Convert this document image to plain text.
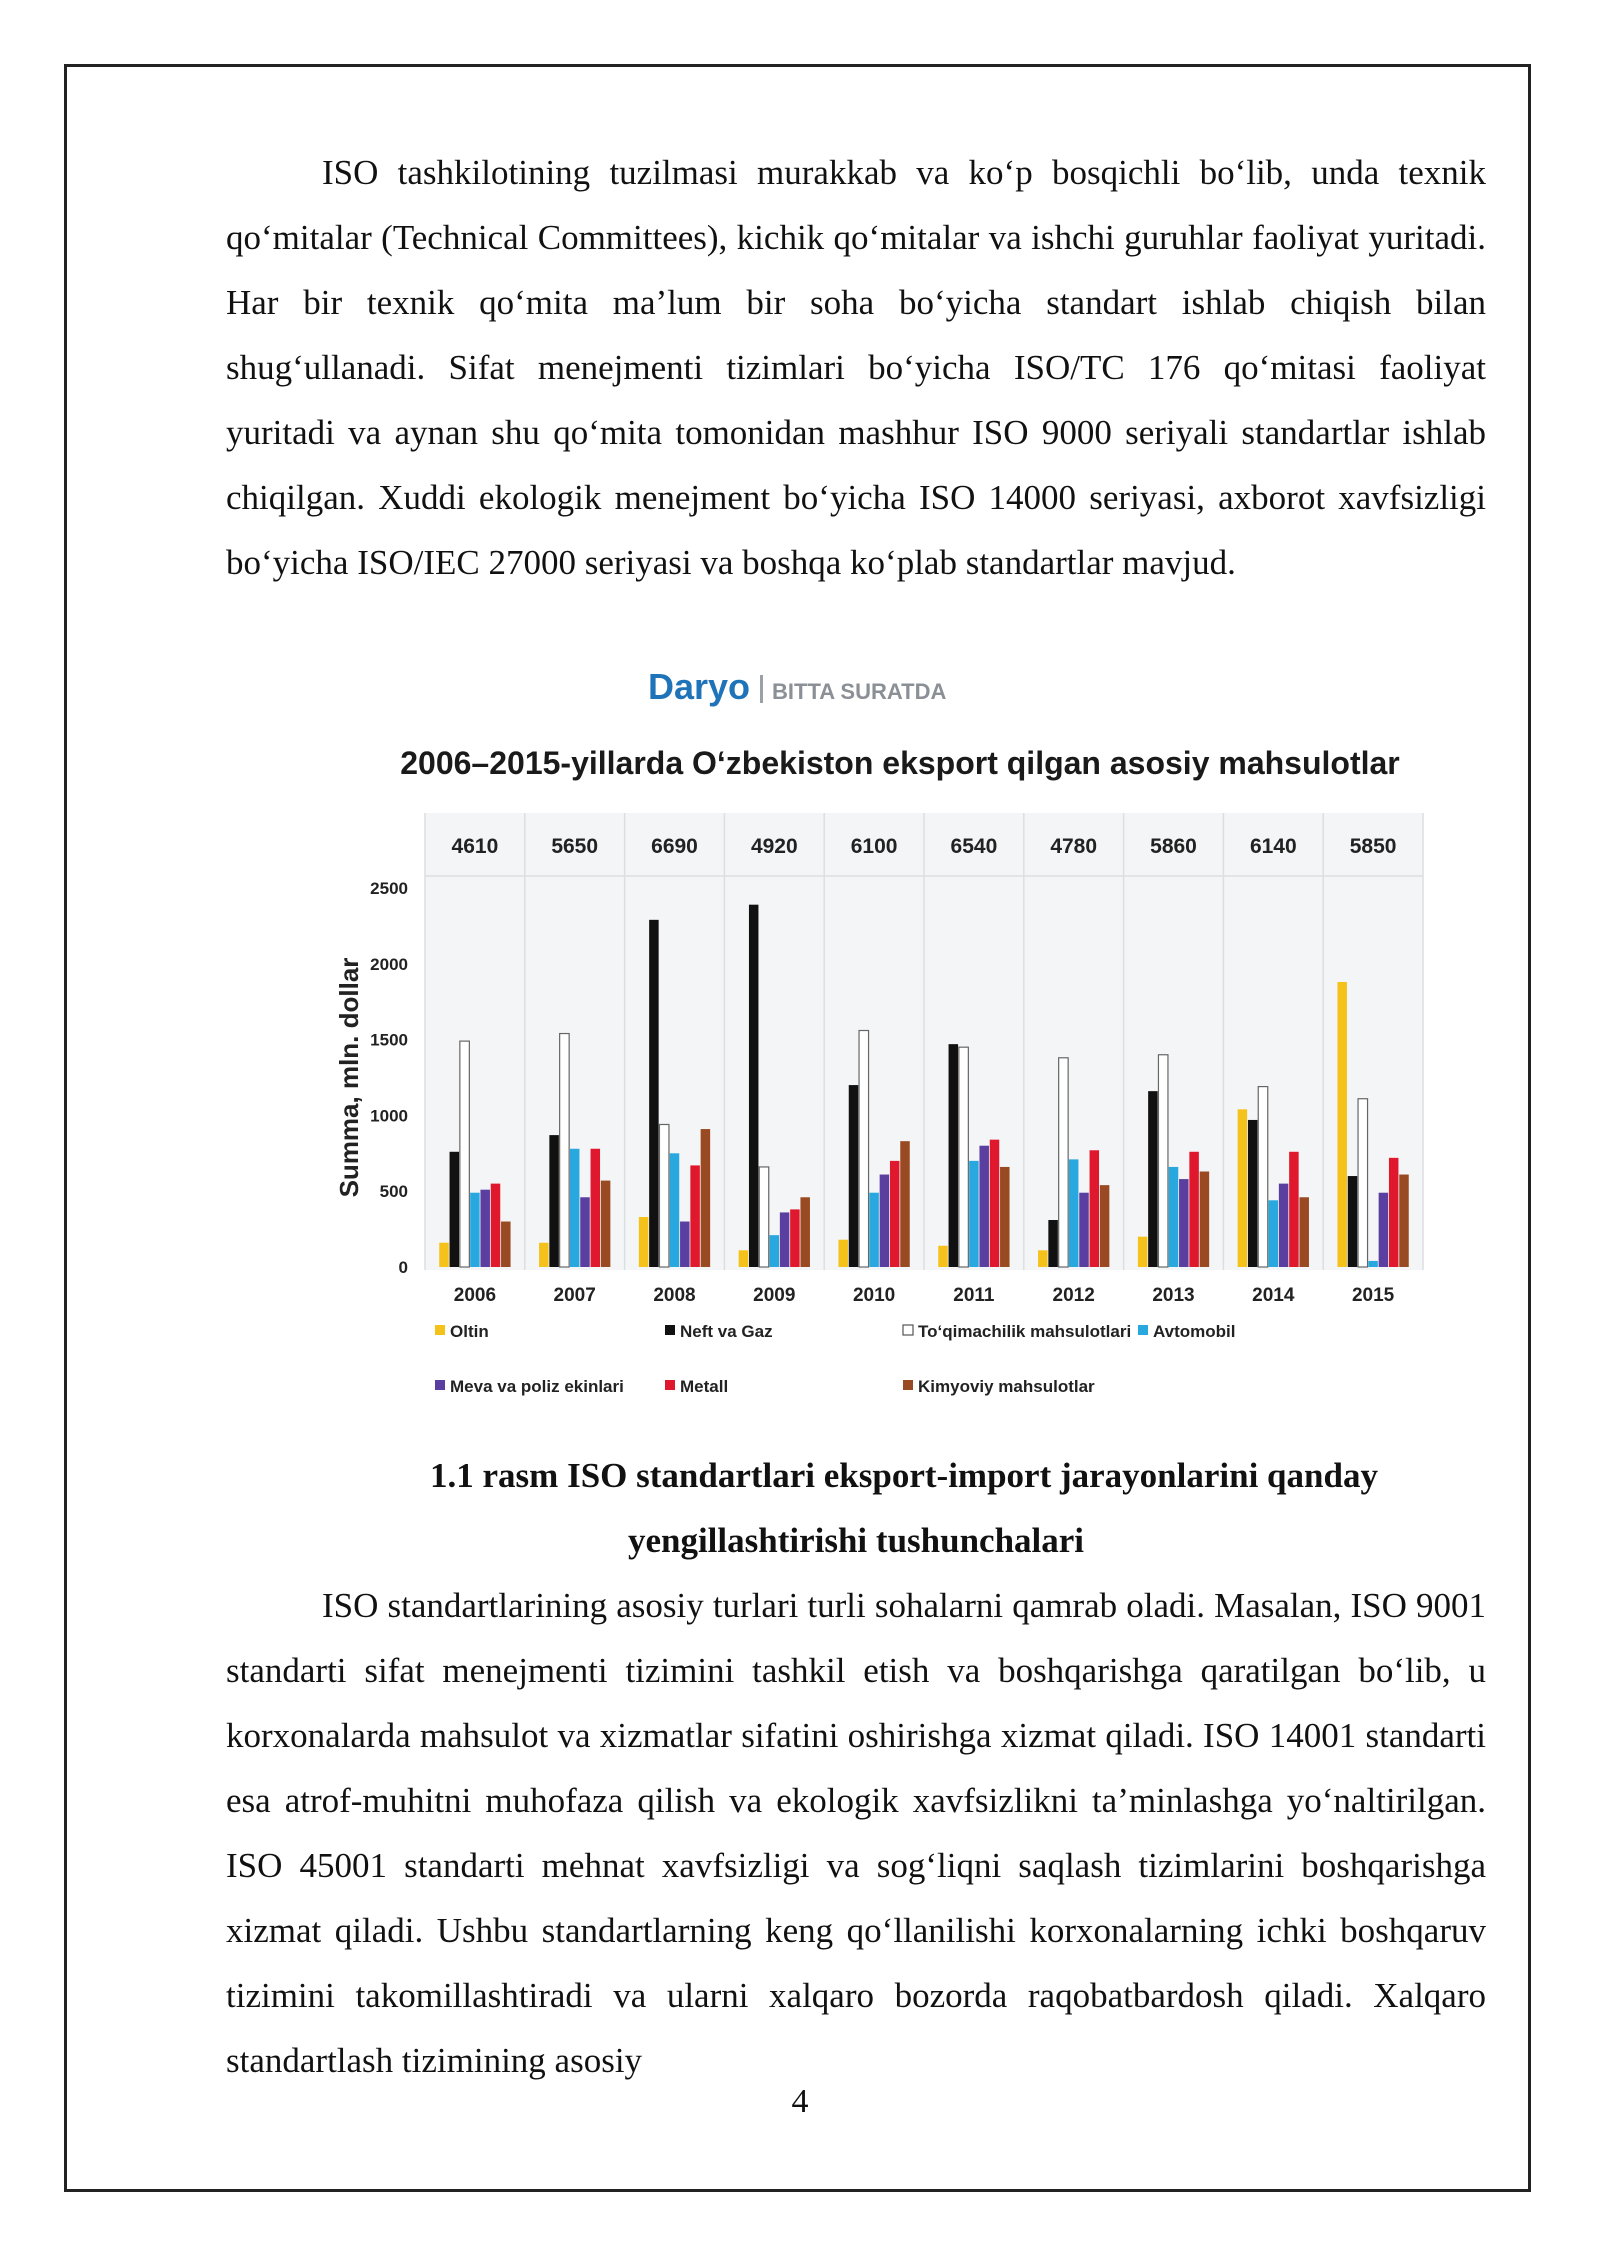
ISO tashkilotining tuzilmasi murakkab va ko‘p bosqichli bo‘lib, unda texnik qo‘mitalar (Technical Committees), kichik qo‘mitalar va ishchi guruhlar faoliyat yuritadi. Har bir texnik qo‘mita ma’lum bir soha bo‘yicha standart ishlab chiqish bilan shug‘ullanadi. Sifat menejmenti tizimlari bo‘yicha ISO/TC 176 qo‘mitasi faoliyat yuritadi va aynan shu qo‘mita tomonidan mashhur ISO 9000 seriyali standartlar ishlab chiqilgan. Xuddi ekologik menejment bo‘yicha ISO 14000 seriyasi, axborot xavfsizligi bo‘yicha ISO/IEC 27000 seriyasi va boshqa ko‘plab standartlar mavjud.

Daryo BITTA SURATDA
2006–2015-yillarda O‘zbekiston eksport qilgan asosiy mahsulotlar
0
500
1000
1500
2000
2500
Summa, mln. dollar
4610
2006
5650
2007
6690
2008
4920
2009
6100
2010
6540
2011
4780
2012
5860
2013
6140
2014
5850
2015
Oltin	Neft va Gaz	To‘qimachilik mahsulotlari Avtomobil
Meva va poliz ekinlari	Metall	Kimyoviy mahsulotlar

1.1 rasm ISO standartlari eksport-import jarayonlarini qanday yengillashtirishi tushunchalari

ISO standartlarining asosiy turlari turli sohalarni qamrab oladi. Masalan, ISO 9001 standarti sifat menejmenti tizimini tashkil etish va boshqarishga qaratilgan bo‘lib, u korxonalarda mahsulot va xizmatlar sifatini oshirishga xizmat qiladi. ISO 14001 standarti esa atrof-muhitni muhofaza qilish va ekologik xavfsizlikni ta’minlashga yo‘naltirilgan. ISO 45001 standarti mehnat xavfsizligi va sog‘liqni saqlash tizimlarini boshqarishga xizmat qiladi. Ushbu standartlarning keng qo‘llanilishi korxonalarning ichki boshqaruv tizimini takomillashtiradi va ularni xalqaro bozorda raqobatbardosh qiladi. Xalqaro standartlash tizimining asosiy

4
